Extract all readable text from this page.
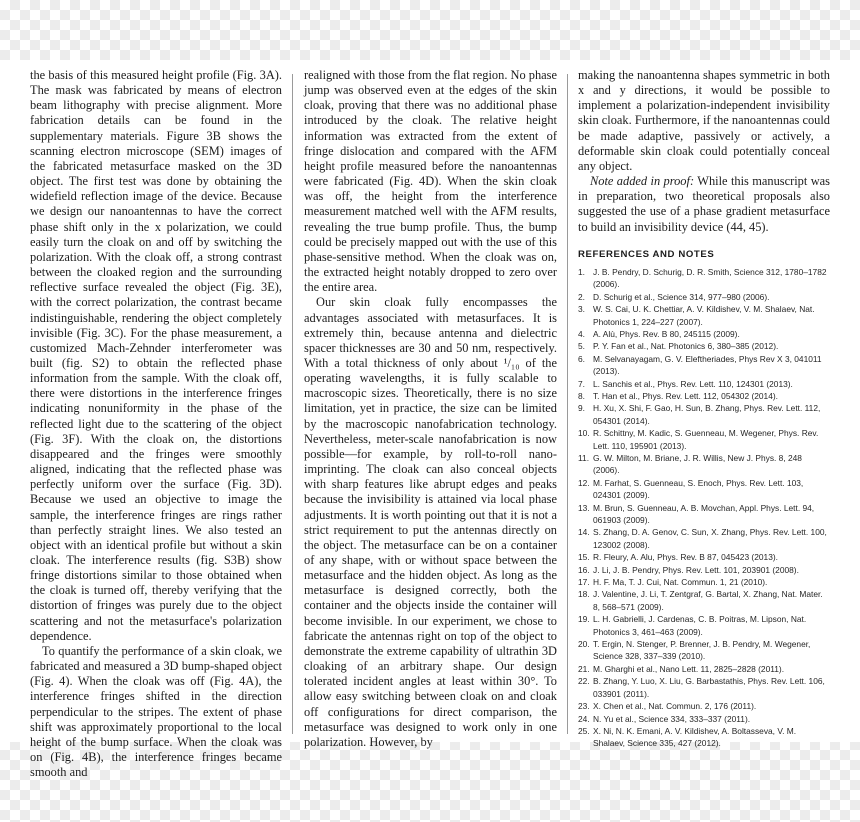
the basis of this measured height profile (Fig. 3A). The mask was fabricated by means of electron beam lithography with precise alignment. More fabrication details can be found in the supplementary materials. Figure 3B shows the scanning electron microscope (SEM) images of the fabricated metasurface masked on the 3D object. The first test was done by obtaining the widefield reflection image of the device. Because we design our nanoantennas to have the correct phase shift only in the x polarization, we could easily turn the cloak on and off by switching the polarization. With the cloak off, a strong contrast between the cloaked region and the surrounding reflective surface revealed the object (Fig. 3E), with the correct polarization, the contrast became indistinguishable, rendering the object completely invisible (Fig. 3C). For the phase measurement, a customized Mach-Zehnder interferometer was built (fig. S2) to obtain the reflected phase information from the sample. With the cloak off, there were distortions in the interference fringes indicating nonuniformity in the phase of the reflected light due to the scattering of the object (Fig. 3F). With the cloak on, the distortions disappeared and the fringes were smoothly aligned, indicating that the reflected phase was perfectly uniform over the surface (Fig. 3D). Because we used an objective to image the sample, the interference fringes are rings rather than perfectly straight lines. We also tested an object with an identical profile but without a skin cloak. The interference results (fig. S3B) show fringe distortions similar to those obtained when the cloak is turned off, thereby verifying that the distortion of fringes was purely due to the object scattering and not the metasurface's polarization dependence.

To quantify the performance of a skin cloak, we fabricated and measured a 3D bump-shaped object (Fig. 4). When the cloak was off (Fig. 4A), the interference fringes shifted in the direction perpendicular to the stripes. The extent of phase shift was approximately proportional to the local height of the bump surface. When the cloak was on (Fig. 4B), the interference fringes became smooth and

realigned with those from the flat region. No phase jump was observed even at the edges of the skin cloak, proving that there was no additional phase introduced by the cloak. The relative height information was extracted from the extent of fringe dislocation and compared with the AFM height profile measured before the nanoantennas were fabricated (Fig. 4D). When the skin cloak was off, the height from the interference measurement matched well with the AFM results, revealing the true bump profile. Thus, the bump could be precisely mapped out with the use of this phase-sensitive method. When the cloak was on, the extracted height notably dropped to zero over the entire area.

Our skin cloak fully encompasses the advantages associated with metasurfaces. It is extremely thin, because antenna and dielectric spacer thicknesses are 30 and 50 nm, respectively. With a total thickness of only about ¹/₁₀ of the operating wavelengths, it is fully scalable to macroscopic sizes. Theoretically, there is no size limitation, yet in practice, the size can be limited by the macroscopic nanofabrication technology. Nevertheless, meter-scale nanofabrication is now possible—for example, by roll-to-roll nano-imprinting. The cloak can also conceal objects with sharp features like abrupt edges and peaks because the invisibility is attained via local phase adjustments. It is worth pointing out that it is not a strict requirement to put the antennas directly on the object. The metasurface can be on a container of any shape, with or without space between the metasurface and the hidden object. As long as the metasurface is designed correctly, both the container and the objects inside the container will become invisible. In our experiment, we chose to fabricate the antennas right on top of the object to demonstrate the extreme capability of ultrathin 3D cloaking of an arbitrary shape. Our design tolerated incident angles at least within 30°. To allow easy switching between cloak on and cloak off configurations for direct comparison, the metasurface was designed to work only in one polarization. However, by

making the nanoantenna shapes symmetric in both x and y directions, it would be possible to implement a polarization-independent invisibility skin cloak. Furthermore, if the nanoantennas could be made adaptive, passively or actively, a deformable skin cloak could potentially conceal any object.

Note added in proof: While this manuscript was in preparation, two theoretical proposals also suggested the use of a phase gradient metasurface to build an invisibility device (44, 45).

REFERENCES AND NOTES
1. J. B. Pendry, D. Schurig, D. R. Smith, Science 312, 1780–1782 (2006).
2. D. Schurig et al., Science 314, 977–980 (2006).
3. W. S. Cai, U. K. Chettiar, A. V. Kildishev, V. M. Shalaev, Nat. Photonics 1, 224–227 (2007).
4. A. Alù, Phys. Rev. B 80, 245115 (2009).
5. P. Y. Fan et al., Nat. Photonics 6, 380–385 (2012).
6. M. Selvanayagam, G. V. Eleftheriades, Phys Rev X 3, 041011 (2013).
7. L. Sanchis et al., Phys. Rev. Lett. 110, 124301 (2013).
8. T. Han et al., Phys. Rev. Lett. 112, 054302 (2014).
9. H. Xu, X. Shi, F. Gao, H. Sun, B. Zhang, Phys. Rev. Lett. 112, 054301 (2014).
10. R. Schittny, M. Kadic, S. Guenneau, M. Wegener, Phys. Rev. Lett. 110, 195901 (2013).
11. G. W. Milton, M. Briane, J. R. Willis, New J. Phys. 8, 248 (2006).
12. M. Farhat, S. Guenneau, S. Enoch, Phys. Rev. Lett. 103, 024301 (2009).
13. M. Brun, S. Guenneau, A. B. Movchan, Appl. Phys. Lett. 94, 061903 (2009).
14. S. Zhang, D. A. Genov, C. Sun, X. Zhang, Phys. Rev. Lett. 100, 123002 (2008).
15. R. Fleury, A. Alu, Phys. Rev. B 87, 045423 (2013).
16. J. Li, J. B. Pendry, Phys. Rev. Lett. 101, 203901 (2008).
17. H. F. Ma, T. J. Cui, Nat. Commun. 1, 21 (2010).
18. J. Valentine, J. Li, T. Zentgraf, G. Bartal, X. Zhang, Nat. Mater. 8, 568–571 (2009).
19. L. H. Gabrielli, J. Cardenas, C. B. Poitras, M. Lipson, Nat. Photonics 3, 461–463 (2009).
20. T. Ergin, N. Stenger, P. Brenner, J. B. Pendry, M. Wegener, Science 328, 337–339 (2010).
21. M. Gharghi et al., Nano Lett. 11, 2825–2828 (2011).
22. B. Zhang, Y. Luo, X. Liu, G. Barbastathis, Phys. Rev. Lett. 106, 033901 (2011).
23. X. Chen et al., Nat. Commun. 2, 176 (2011).
24. N. Yu et al., Science 334, 333–337 (2011).
25. X. Ni, N. K. Emani, A. V. Kildishev, A. Boltasseva, V. M. Shalaev, Science 335, 427 (2012).
